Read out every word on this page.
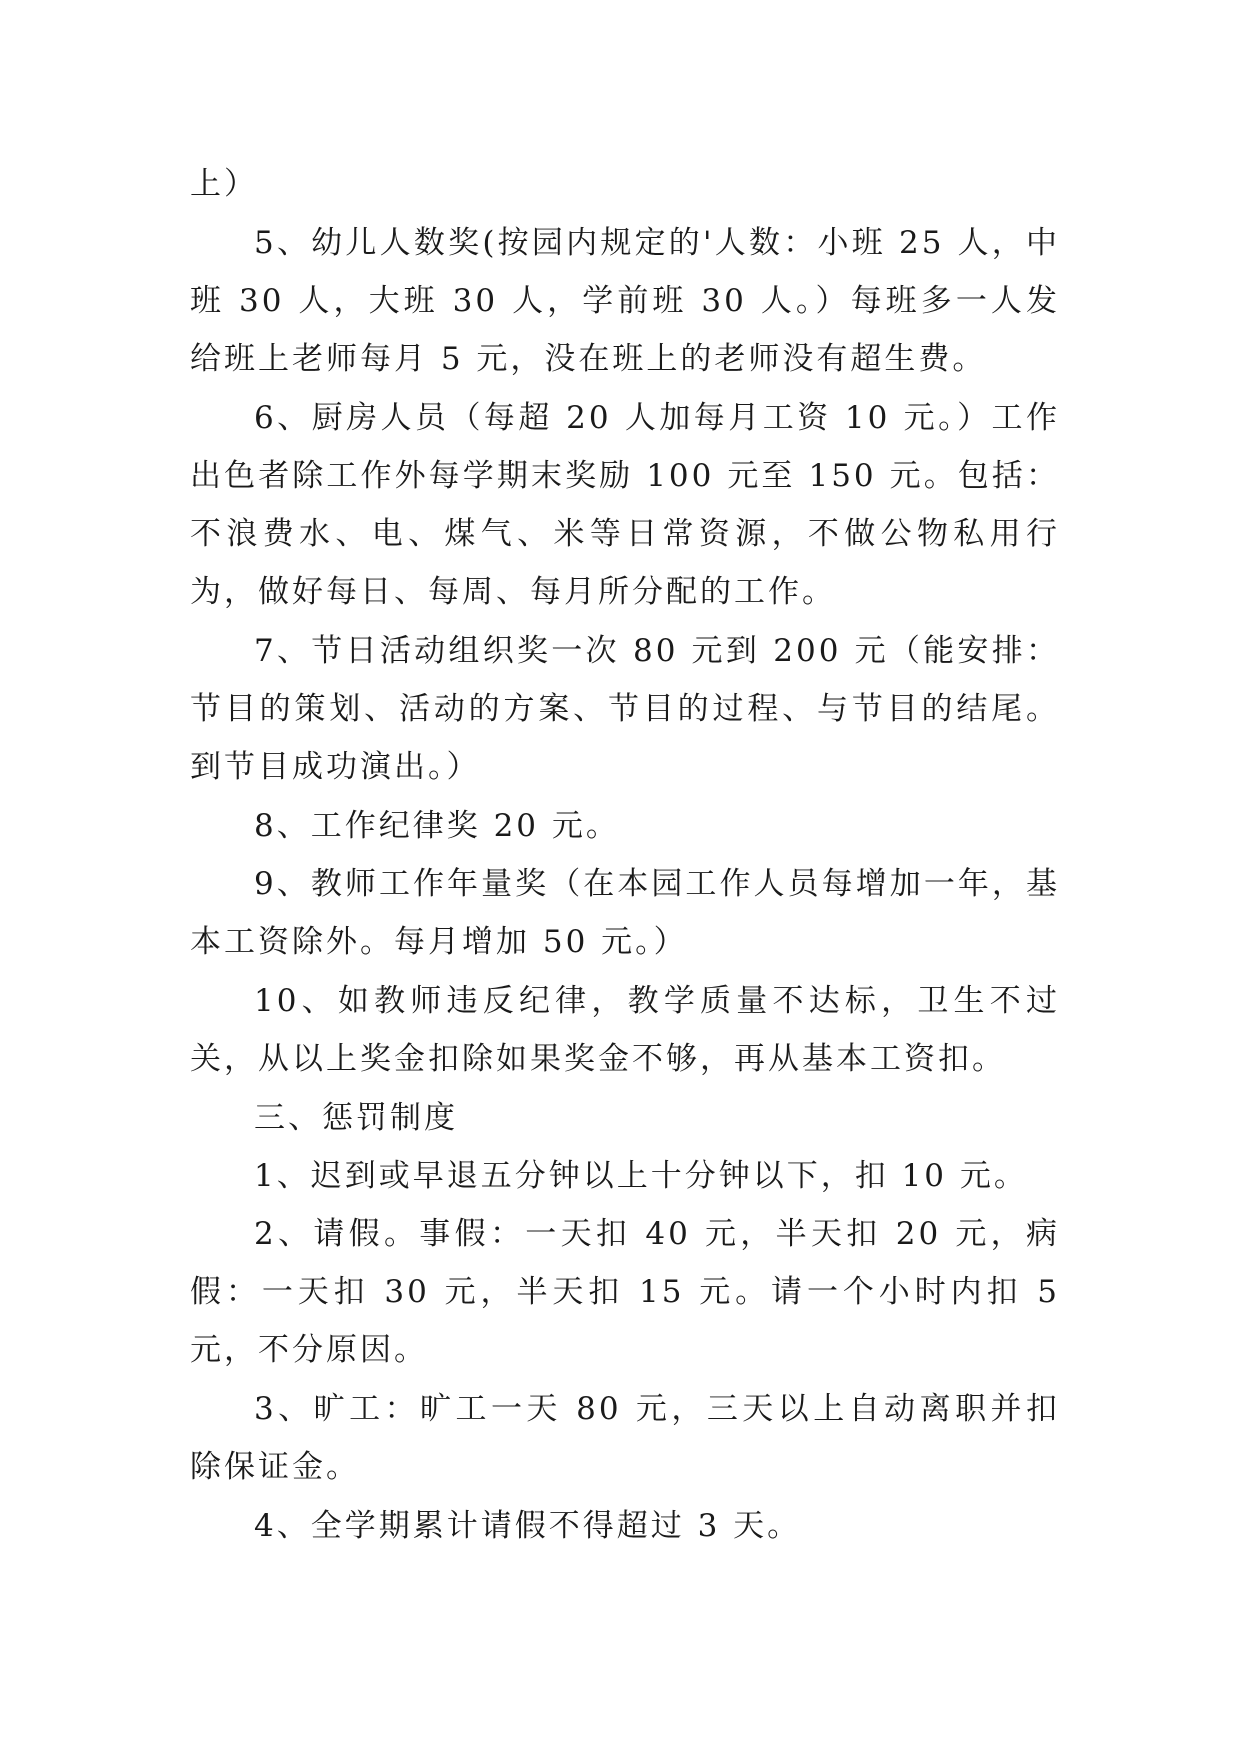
上）

5、幼儿人数奖(按园内规定的'人数：小班 25 人，中班 30 人，大班 30 人，学前班 30 人。）每班多一人发给班上老师每月 5 元，没在班上的老师没有超生费。

6、厨房人员（每超 20 人加每月工资 10 元。）工作出色者除工作外每学期末奖励 100 元至 150 元。包括：不浪费水、电、煤气、米等日常资源，不做公物私用行为，做好每日、每周、每月所分配的工作。

7、节日活动组织奖一次 80 元到 200 元（能安排：节目的策划、活动的方案、节目的过程、与节目的结尾。到节目成功演出。）

8、工作纪律奖 20 元。

9、教师工作年量奖（在本园工作人员每增加一年，基本工资除外。每月增加 50 元。）

10、如教师违反纪律，教学质量不达标，卫生不过关，从以上奖金扣除如果奖金不够，再从基本工资扣。

三、惩罚制度

1、迟到或早退五分钟以上十分钟以下，扣 10 元。

2、请假。事假：一天扣 40 元，半天扣 20 元，病假：一天扣 30 元，半天扣 15 元。请一个小时内扣 5 元，不分原因。

3、旷工：旷工一天 80 元，三天以上自动离职并扣除保证金。

4、全学期累计请假不得超过 3 天。
